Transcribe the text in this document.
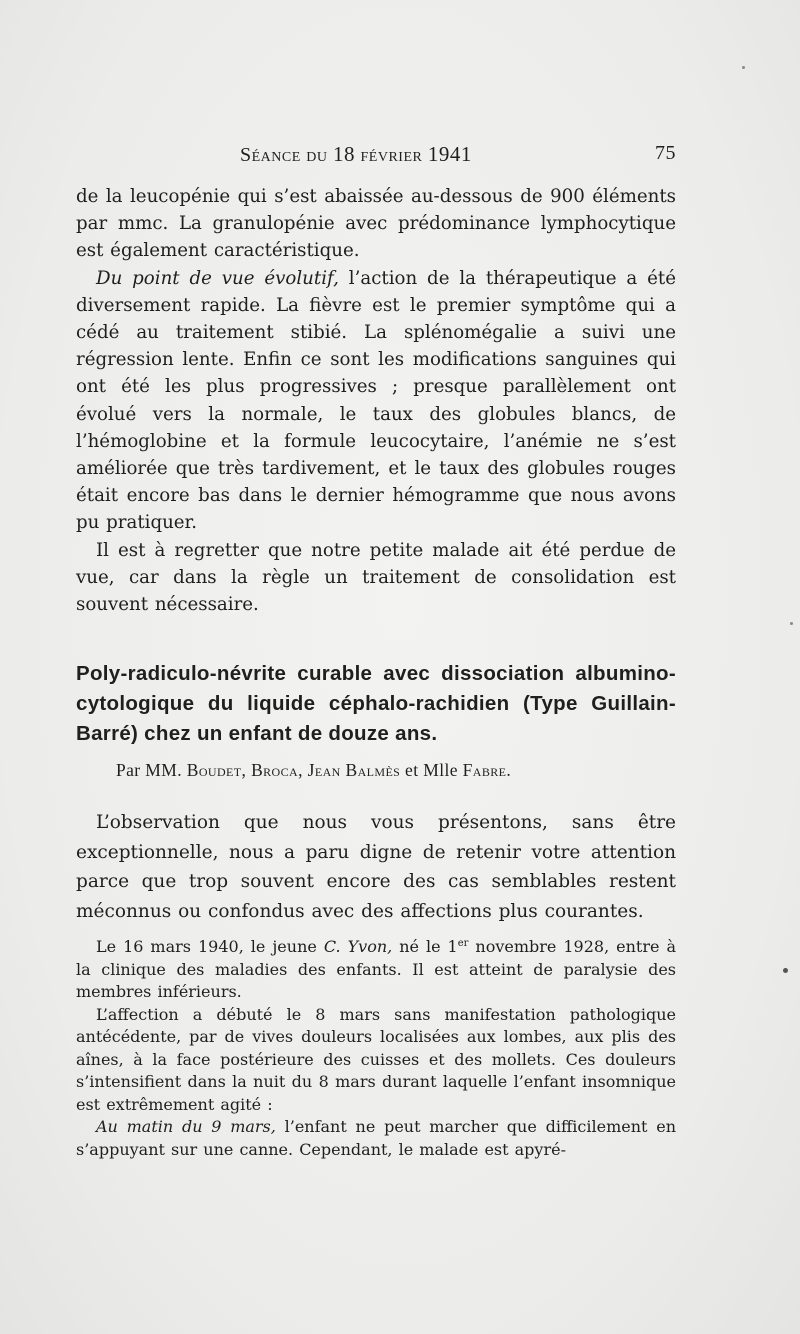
Séance du 18 février 1941	75

de la leucopénie qui s’est abaissée au-dessous de 900 éléments par mmc. La granulopénie avec prédominance lymphocytique est également caractéristique.

Du point de vue évolutif, l’action de la thérapeutique a été diversement rapide. La fièvre est le premier symptôme qui a cédé au traitement stibié. La splénomégalie a suivi une régression lente. Enfin ce sont les modifications sanguines qui ont été les plus progressives ; presque parallèlement ont évolué vers la normale, le taux des globules blancs, de l’hémoglobine et la formule leucocytaire, l’anémie ne s’est améliorée que très tardivement, et le taux des globules rouges était encore bas dans le dernier hémogramme que nous avons pu pratiquer.

Il est à regretter que notre petite malade ait été perdue de vue, car dans la règle un traitement de consolidation est souvent nécessaire.

Poly-radiculo-névrite curable avec dissociation albumino-cytologique du liquide céphalo-rachidien (Type Guillain-Barré) chez un enfant de douze ans.
Par MM. Boudet, Broca, Jean Balmès et Mlle Fabre.

L’observation que nous vous présentons, sans être exceptionnelle, nous a paru digne de retenir votre attention parce que trop souvent encore des cas semblables restent méconnus ou confondus avec des affections plus courantes.

Le 16 mars 1940, le jeune C. Yvon, né le 1er novembre 1928, entre à la clinique des maladies des enfants. Il est atteint de paralysie des membres inférieurs.

L’affection a débuté le 8 mars sans manifestation pathologique antécédente, par de vives douleurs localisées aux lombes, aux plis des aînes, à la face postérieure des cuisses et des mollets. Ces douleurs s’intensifient dans la nuit du 8 mars durant laquelle l’enfant insomnique est extrêmement agité :

Au matin du 9 mars, l’enfant ne peut marcher que difficilement en s’appuyant sur une canne. Cependant, le malade est apyré-
